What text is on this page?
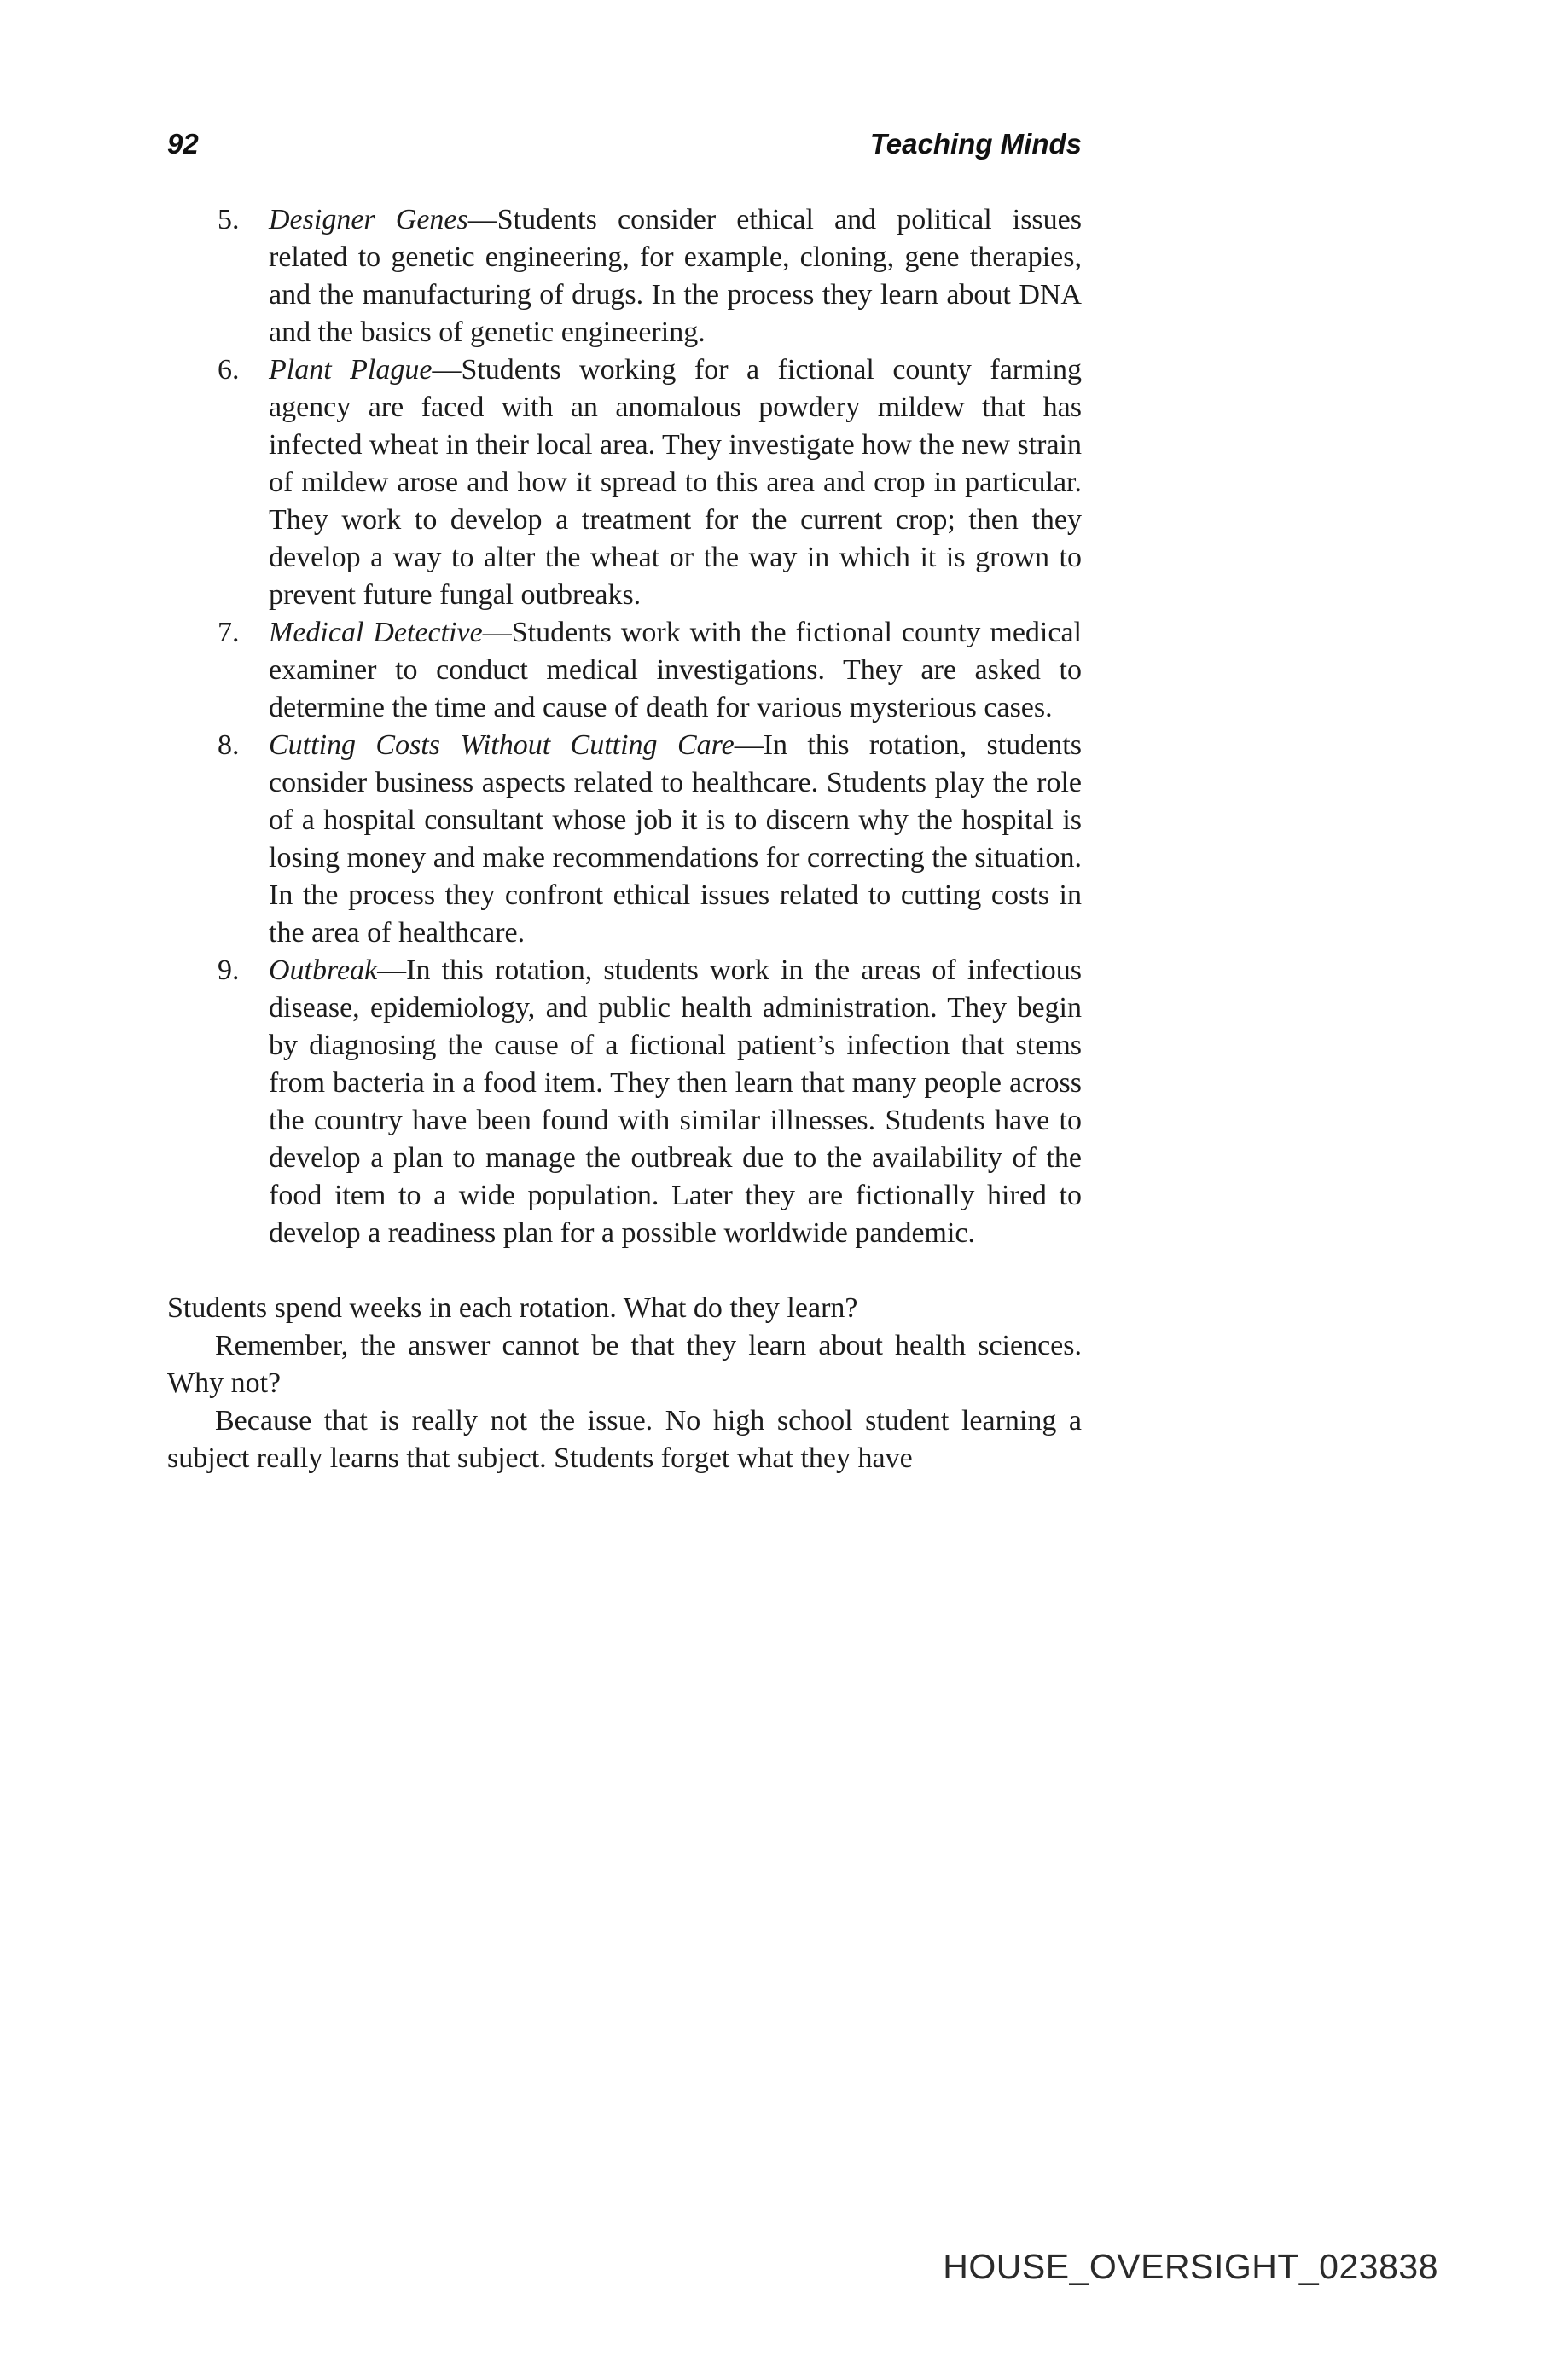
92	Teaching Minds
5.	Designer Genes—Students consider ethical and political issues related to genetic engineering, for example, cloning, gene therapies, and the manufacturing of drugs. In the process they learn about DNA and the basics of genetic engineering.
6.	Plant Plague—Students working for a fictional county farming agency are faced with an anomalous powdery mildew that has infected wheat in their local area. They investigate how the new strain of mildew arose and how it spread to this area and crop in particular. They work to develop a treatment for the current crop; then they develop a way to alter the wheat or the way in which it is grown to prevent future fungal outbreaks.
7.	Medical Detective—Students work with the fictional county medical examiner to conduct medical investigations. They are asked to determine the time and cause of death for various mysterious cases.
8.	Cutting Costs Without Cutting Care—In this rotation, students consider business aspects related to healthcare. Students play the role of a hospital consultant whose job it is to discern why the hospital is losing money and make recommendations for correcting the situation. In the process they confront ethical issues related to cutting costs in the area of healthcare.
9.	Outbreak—In this rotation, students work in the areas of infectious disease, epidemiology, and public health administration. They begin by diagnosing the cause of a fictional patient’s infection that stems from bacteria in a food item. They then learn that many people across the country have been found with similar illnesses. Students have to develop a plan to manage the outbreak due to the availability of the food item to a wide population. Later they are fictionally hired to develop a readiness plan for a possible worldwide pandemic.

Students spend weeks in each rotation. What do they learn?

Remember, the answer cannot be that they learn about health sciences. Why not?

Because that is really not the issue. No high school student learning a subject really learns that subject. Students forget what they have

HOUSE_OVERSIGHT_023838
